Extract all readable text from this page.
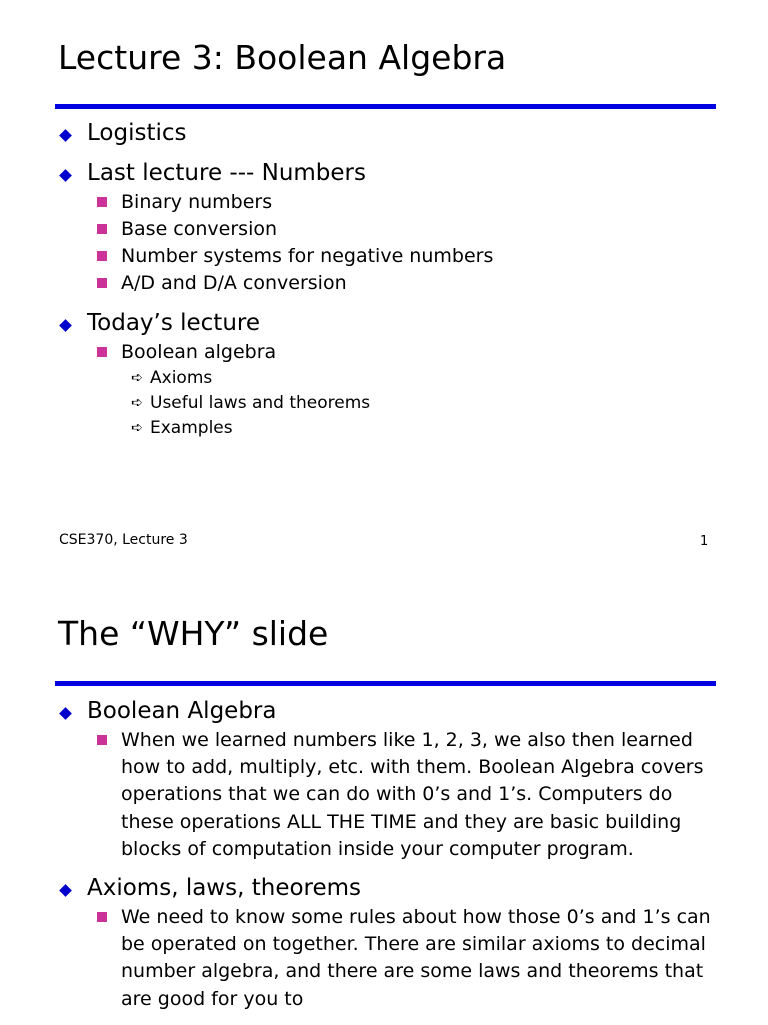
Lecture 3: Boolean Algebra
Logistics
Last lecture --- Numbers
Binary numbers
Base conversion
Number systems for negative numbers
A/D and D/A conversion
Today’s lecture
Boolean algebra
➪ Axioms
➪ Useful laws and theorems
➪ Examples
CSE370, Lecture 3	1
The “WHY” slide
Boolean Algebra
When we learned numbers like 1, 2, 3, we also then learned how to add, multiply, etc. with them. Boolean Algebra covers operations that we can do with 0’s and 1’s. Computers do these operations ALL THE TIME and they are basic building blocks of computation inside your computer program.
Axioms, laws, theorems
We need to know some rules about how those 0’s and 1’s can be operated on together. There are similar axioms to decimal number algebra, and there are some laws and theorems that are good for you to
